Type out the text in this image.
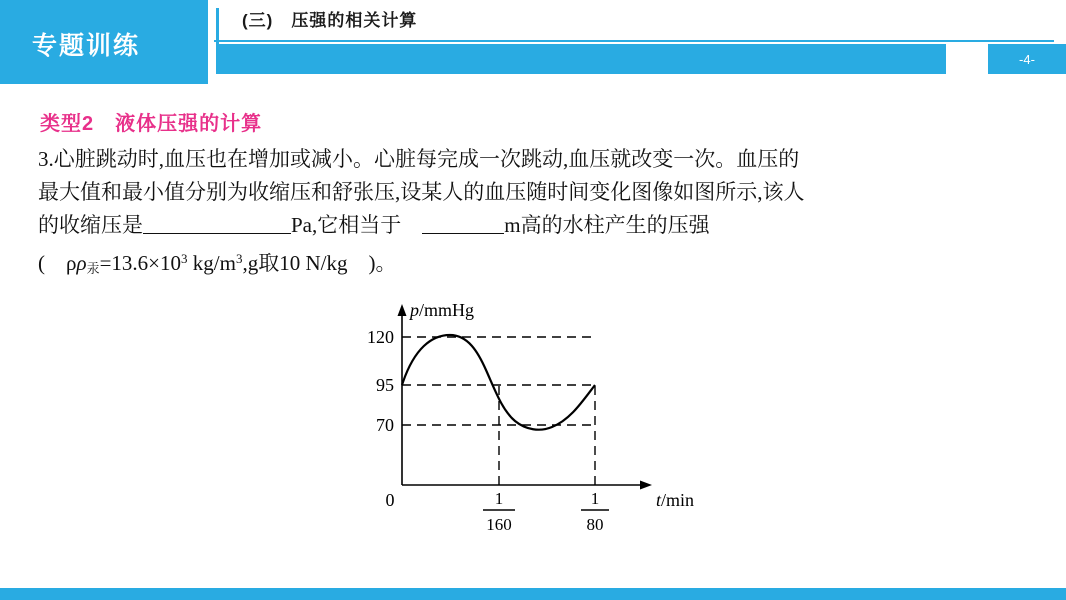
专题训练
(三)　压强的相关计算
-4-
类型2　液体压强的计算
3.心脏跳动时,血压也在增加或减小。心脏每完成一次跳动,血压就改变一次。血压的
最大值和最小值分别为收缩压和舒张压,设某人的血压随时间变化图像如图所示,该人
的收缩压是	Pa,它相当于　	m高的水柱产生的压强
(　$\rho\rho_汞=13.6\times 10^3$ $kg/m^3,g$取10 N/kg　)。
120
95
70
0
p/mmHg
t/min
1
160
1
80
